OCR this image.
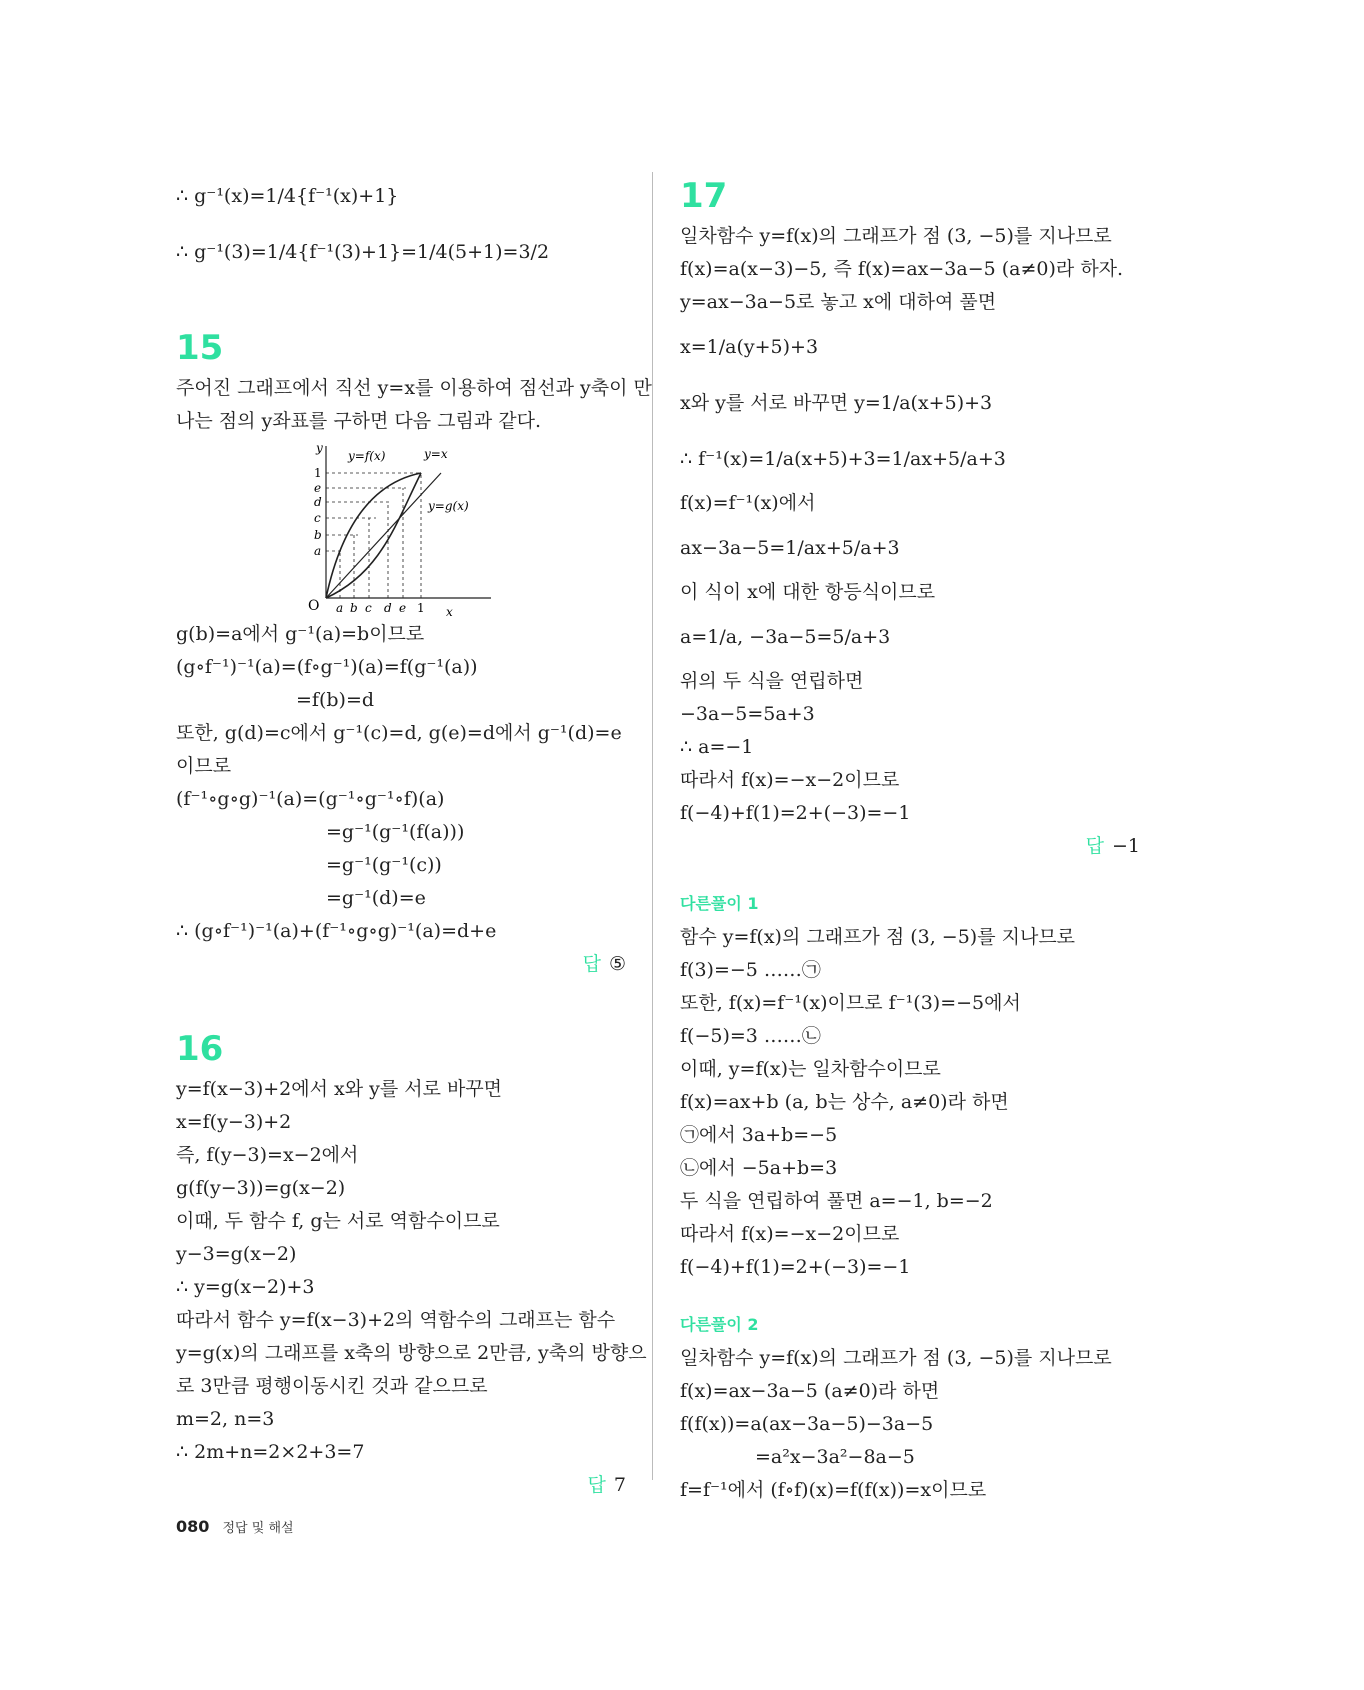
∴ g⁻¹(x)=1/4{f⁻¹(x)+1}
∴ g⁻¹(3)=1/4{f⁻¹(3)+1}=1/4(5+1)=3/2
15
주어진 그래프에서 직선 y=x를 이용하여 점선과 y축이 만
나는 점의 y좌표를 구하면 다음 그림과 같다.
y
x
O
y=f(x)	y=x
y=g(x)
1
e
d
c
b
a
a b c d e 1
g(b)=a에서 g⁻¹(a)=b이므로
(g∘f⁻¹)⁻¹(a)=(f∘g⁻¹)(a)=f(g⁻¹(a))
=f(b)=d
또한, g(d)=c에서 g⁻¹(c)=d, g(e)=d에서 g⁻¹(d)=e
이므로
(f⁻¹∘g∘g)⁻¹(a)=(g⁻¹∘g⁻¹∘f)(a)
=g⁻¹(g⁻¹(f(a)))
=g⁻¹(g⁻¹(c))
=g⁻¹(d)=e
∴ (g∘f⁻¹)⁻¹(a)+(f⁻¹∘g∘g)⁻¹(a)=d+e
답 ⑤
16
y=f(x−3)+2에서 x와 y를 서로 바꾸면
x=f(y−3)+2
즉, f(y−3)=x−2에서
g(f(y−3))=g(x−2)
이때, 두 함수 f, g는 서로 역함수이므로
y−3=g(x−2)
∴ y=g(x−2)+3
따라서 함수 y=f(x−3)+2의 역함수의 그래프는 함수
y=g(x)의 그래프를 x축의 방향으로 2만큼, y축의 방향으
로 3만큼 평행이동시킨 것과 같으므로
m=2, n=3
∴ 2m+n=2×2+3=7
답 7
17
일차함수 y=f(x)의 그래프가 점 (3, −5)를 지나므로
f(x)=a(x−3)−5, 즉 f(x)=ax−3a−5 (a≠0)라 하자.
y=ax−3a−5로 놓고 x에 대하여 풀면
x=1/a(y+5)+3
x와 y를 서로 바꾸면 y=1/a(x+5)+3
∴ f⁻¹(x)=1/a(x+5)+3=1/ax+5/a+3
f(x)=f⁻¹(x)에서
ax−3a−5=1/ax+5/a+3
이 식이 x에 대한 항등식이므로
a=1/a, −3a−5=5/a+3
위의 두 식을 연립하면
−3a−5=5a+3
∴ a=−1
따라서 f(x)=−x−2이므로
f(−4)+f(1)=2+(−3)=−1
답 −1
다른풀이 1
함수 y=f(x)의 그래프가 점 (3, −5)를 지나므로
f(3)=−5 ……㉠
또한, f(x)=f⁻¹(x)이므로 f⁻¹(3)=−5에서
f(−5)=3 ……㉡
이때, y=f(x)는 일차함수이므로
f(x)=ax+b (a, b는 상수, a≠0)라 하면
㉠에서 3a+b=−5
㉡에서 −5a+b=3
두 식을 연립하여 풀면 a=−1, b=−2
따라서 f(x)=−x−2이므로
f(−4)+f(1)=2+(−3)=−1
다른풀이 2
일차함수 y=f(x)의 그래프가 점 (3, −5)를 지나므로
f(x)=ax−3a−5 (a≠0)라 하면
f(f(x))=a(ax−3a−5)−3a−5
=a²x−3a²−8a−5
f=f⁻¹에서 (f∘f)(x)=f(f(x))=x이므로
080 정답 및 해설
